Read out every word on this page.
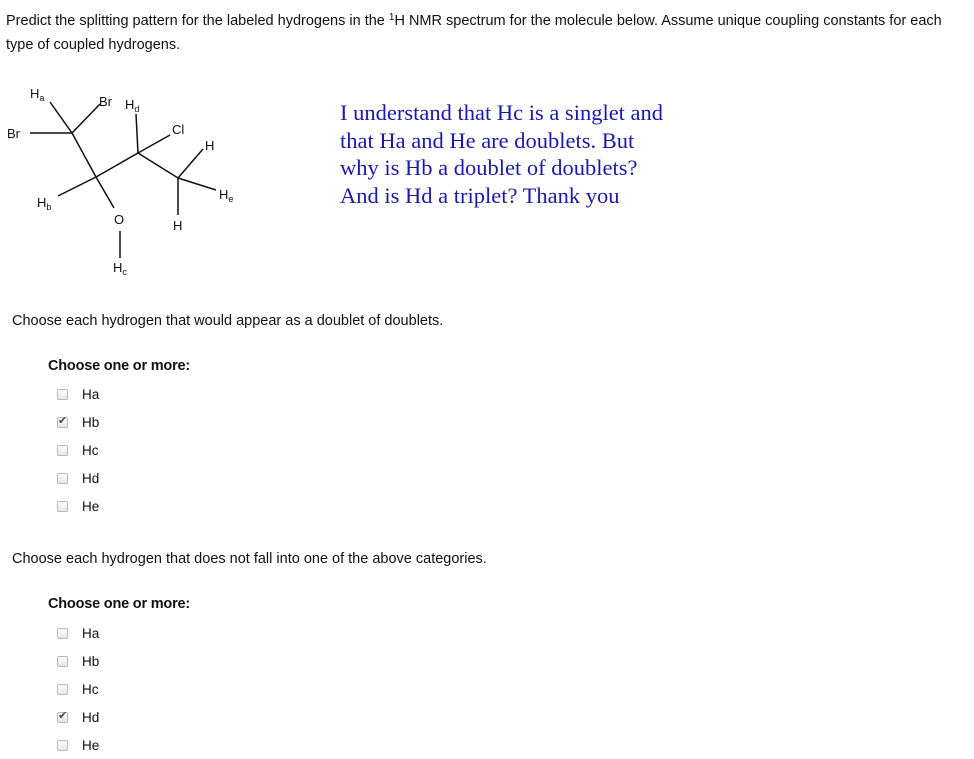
Predict the splitting pattern for the labeled hydrogens in the $^1$H NMR spectrum for the molecule below. Assume unique coupling constants for each type of coupled hydrogens.
$H_a$	Br $H_d$
Br	Cl
H
$H_b$
$H_e$
O	H
$H_c$
I understand that Hc is a singlet and
that Ha and He are doublets. But
why is Hb a doublet of doublets?
And is Hd a triplet? Thank you
Choose each hydrogen that would appear as a doublet of doublets.
Choose one or more:
Ha
✔
Hb
Hc
Hd
He
Choose each hydrogen that does not fall into one of the above categories.
Choose one or more:
Ha
Hb
Hc
✔
Hd
He
